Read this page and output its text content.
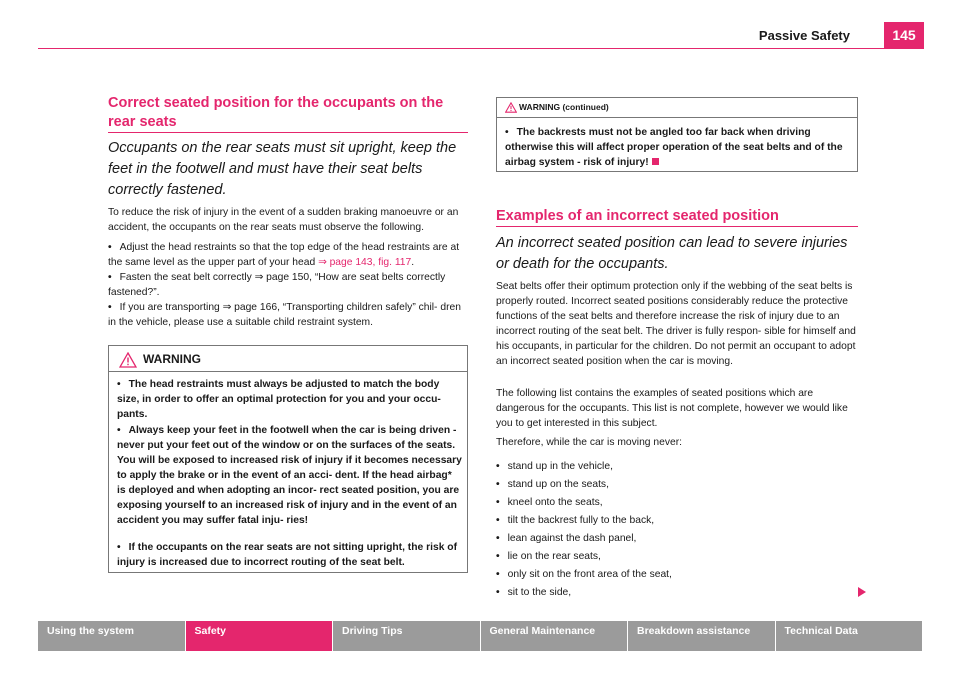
Passive Safety	145
Correct seated position for the occupants on the rear seats
Occupants on the rear seats must sit upright, keep the feet in the footwell and must have their seat belts correctly fastened.
To reduce the risk of injury in the event of a sudden braking manoeuvre or an accident, the occupants on the rear seats must observe the following.
• Adjust the head restraints so that the top edge of the head restraints are at the same level as the upper part of your head ⇒ page 143, fig. 117.
• Fasten the seat belt correctly ⇒ page 150, “How are seat belts correctly fastened?”.
• If you are transporting ⇒ page 166, “Transporting children safely” chil- dren in the vehicle, please use a suitable child restraint system.
WARNING
• The head restraints must always be adjusted to match the body size, in order to offer an optimal protection for you and your occu- pants.
• Always keep your feet in the footwell when the car is being driven - never put your feet out of the window or on the surfaces of the seats. You will be exposed to increased risk of injury if it becomes necessary to apply the brake or in the event of an acci- dent. If the head airbag* is deployed and when adopting an incor- rect seated position, you are exposing yourself to an increased risk of injury and in the event of an accident you may suffer fatal inju- ries!
• If the occupants on the rear seats are not sitting upright, the risk of injury is increased due to incorrect routing of the seat belt.
WARNING (continued)
• The backrests must not be angled too far back when driving otherwise this will affect proper operation of the seat belts and of the airbag system - risk of injury!
Examples of an incorrect seated position
An incorrect seated position can lead to severe injuries or death for the occupants.
Seat belts offer their optimum protection only if the webbing of the seat belts is properly routed. Incorrect seated positions considerably reduce the protective functions of the seat belts and therefore increase the risk of injury due to an incorrect routing of the seat belt. The driver is fully respon- sible for himself and his occupants, in particular for the children. Do not permit an occupant to adopt an incorrect seated position when the car is moving.
The following list contains the examples of seated positions which are dangerous for the occupants. This list is not complete, however we would like you to get interested in this subject.
Therefore, while the car is moving never:
• stand up in the vehicle,
• stand up on the seats,
• kneel onto the seats,
• tilt the backrest fully to the back,
• lean against the dash panel,
• lie on the rear seats,
• only sit on the front area of the seat,
• sit to the side,
Using the system	Safety	Driving Tips	General Maintenance	Breakdown assistance	Technical Data
